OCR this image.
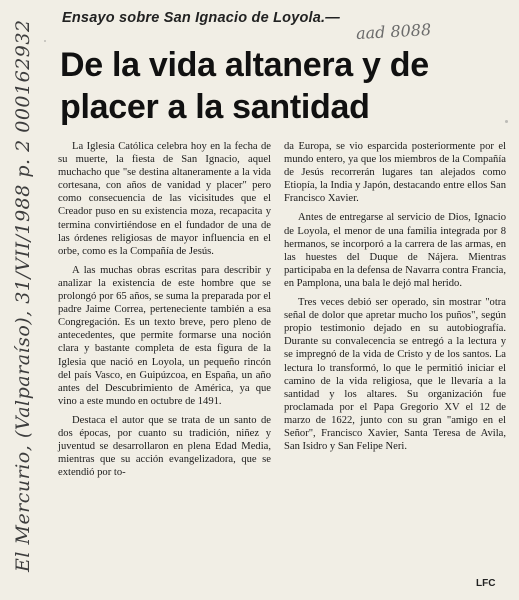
Ensayo sobre San Ignacio de Loyola.—
aad 8088
De la vida altanera y de placer a la santidad
El Mercurio, (Valparaíso), 31/VII/1988 p. 2 000162932	La Iglesia Católica celebra hoy en la fecha de su muerte, la fiesta de San Ignacio, aquel muchacho que "se destina altaneramente a la vida cortesana, con años de vanidad y placer" pero como consecuencia de las vicisitudes que el Creador puso en su existencia moza, recapacita y termina convirtiéndose en el fundador de una de las órdenes religiosas de mayor influencia en el orbe, como es la Compañía de Jesús.

A las muchas obras escritas para describir y analizar la existencia de este hombre que se prolongó por 65 años, se suma la preparada por el padre Jaime Correa, perteneciente también a esa Congregación. Es un texto breve, pero pleno de antecedentes, que permite formarse una noción clara y bastante completa de esta figura de la Iglesia que nació en Loyola, un pequeño rincón del país Vasco, en Guipúzcoa, en España, un año antes del Descubrimiento de América, ya que vino a este mundo en octubre de 1491.

Destaca el autor que se trata de un santo de dos épocas, por cuanto su tradición, niñez y juventud se desarrollaron en plena Edad Media, mientras que su acción evangelizadora, que se extendió por to-

da Europa, se vio esparcida posteriormente por el mundo entero, ya que los miembros de la Compañía de Jesús recorrerán lugares tan alejados como Etiopía, la India y Japón, destacando entre ellos San Francisco Xavier.

Antes de entregarse al servicio de Dios, Ignacio de Loyola, el menor de una familia integrada por 8 hermanos, se incorporó a la carrera de las armas, en las huestes del Duque de Nájera. Mientras participaba en la defensa de Navarra contra Francia, en Pamplona, una bala le dejó mal herido.

Tres veces debió ser operado, sin mostrar "otra señal de dolor que apretar mucho los puños", según propio testimonio dejado en su autobiografía. Durante su convalecencia se entregó a la lectura y se impregnó de la vida de Cristo y de los santos. La lectura lo transformó, lo que le permitió iniciar el camino de la vida religiosa, que le llevaría a la santidad y los altares. Su organización fue proclamada por el Papa Gregorio XV el 12 de marzo de 1622, junto con su gran "amigo en el Señor", Francisco Xavier, Santa Teresa de Avila, San Isidro y San Felipe Neri.

LFC
